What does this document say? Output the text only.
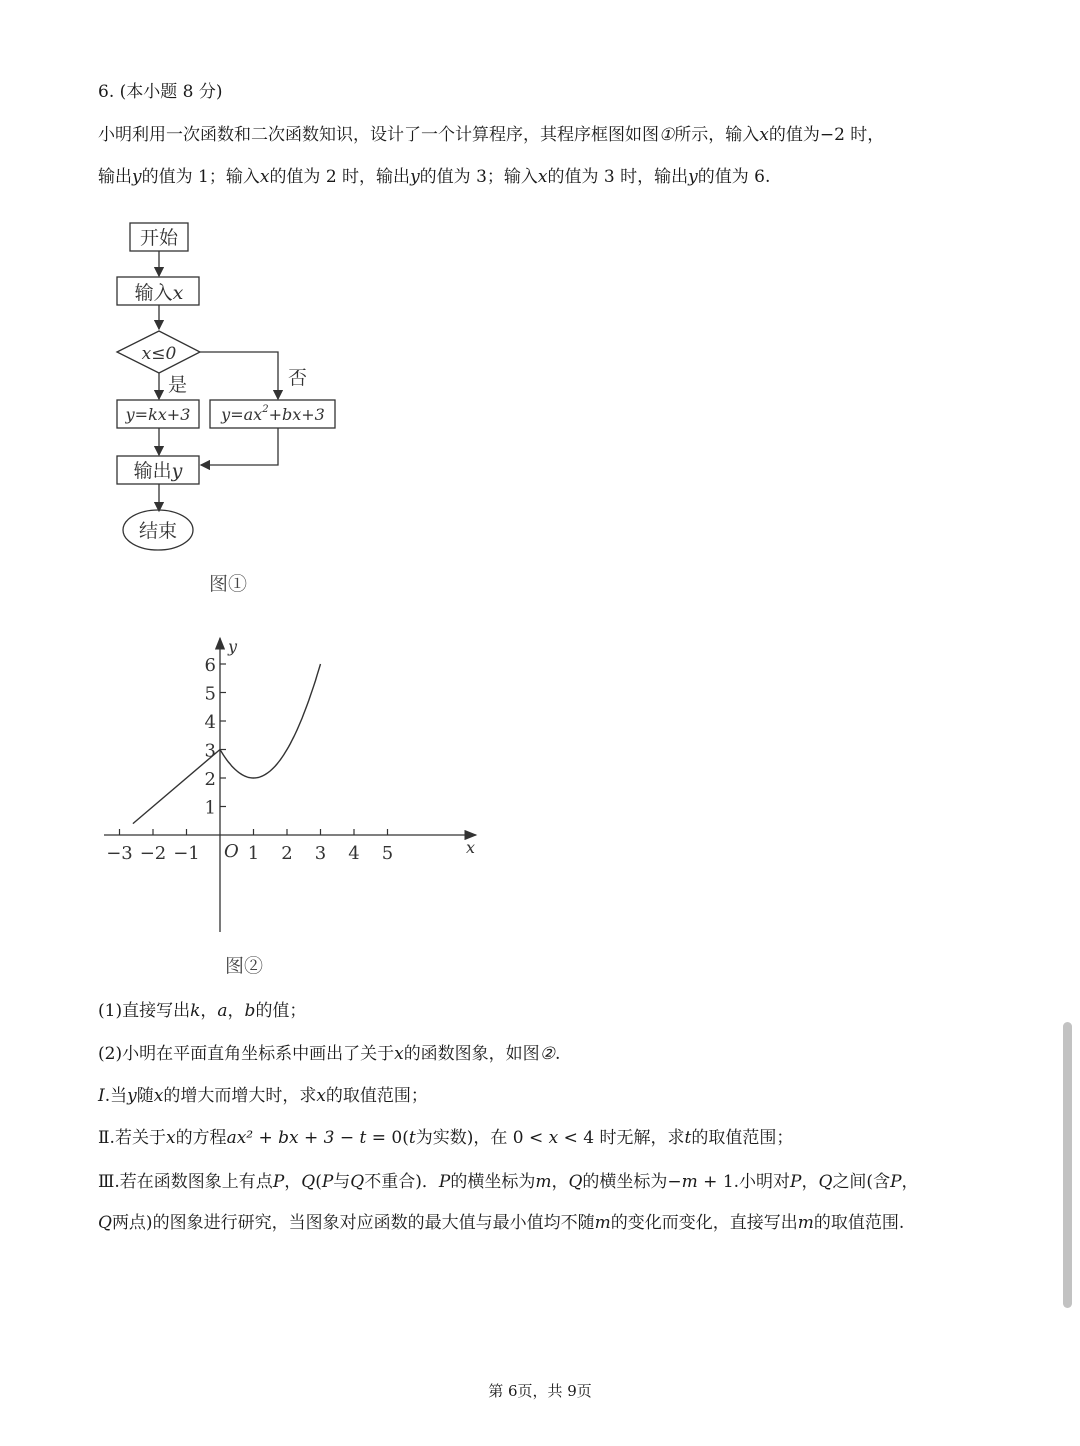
6. (本小题 8 分)
小明利用一次函数和二次函数知识，设计了一个计算程序，其程序框图如图①所示，输入x的值为−2 时，
输出y的值为 1；输入x的值为 2 时，输出y的值为 3；输入x的值为 3 时，输出y的值为 6.
开始
输入x
x≤0
是	否
y=kx+3 $y=ax^2+bx+3$
输出y
结束
图①
x
y
O
−3 −2 −1	1 2 3 4 5
1
2
3
4
5
6
图②
(1)直接写出k，a，b的值；
(2)小明在平面直角坐标系中画出了关于x的函数图象，如图②.
I.当y随x的增大而增大时，求x的取值范围；
Ⅱ.若关于x的方程ax² + bx + 3 − t = 0(t为实数)，在 0 < x < 4 时无解，求t的取值范围；
Ⅲ.若在函数图象上有点P，Q(P与Q不重合)．P的横坐标为m，Q的横坐标为−m + 1.小明对P，Q之间(含P，
Q两点)的图象进行研究，当图象对应函数的最大值与最小值均不随m的变化而变化，直接写出m的取值范围.
第 6页，共 9页
